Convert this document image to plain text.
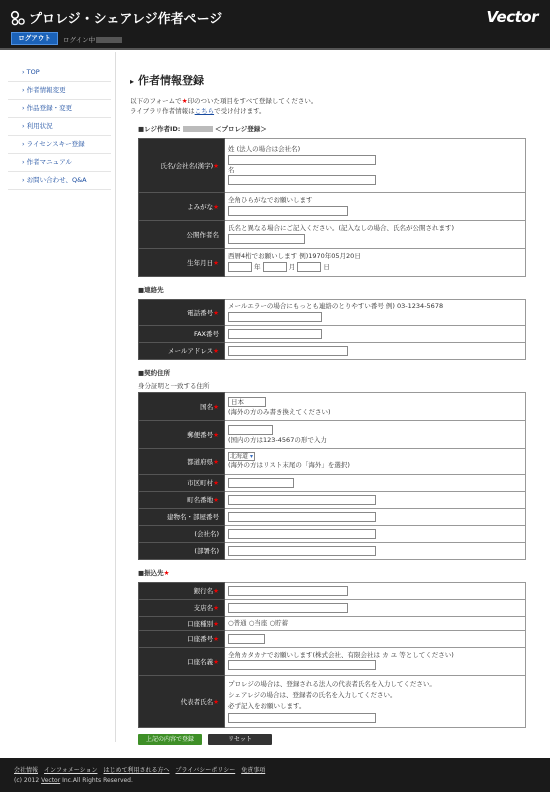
プロレジ・シェアレジ作者ページ	Vector
ログアウト	ログイン中
› TOP
› 作者情報変更
› 作品登録・変更
› 利用状況
› ライセンスキー登録
› 作者マニュアル
› お問い合わせ、Q&A
▸ 作者情報登録
以下のフォームで★印のついた項目をすべて登録してください。
ライブラリ作者情報はこちらで受け付けます。
■レジ作者ID:	＜プロレジ登録＞
氏名/会社名(漢字)★	姓 (法人の場合は会社名)
名

よみがな★	全角ひらがなでお願いします

公開作者名	氏名と異なる場合にご記入ください。(記入なしの場合、氏名が公開されます)

生年月日★	西暦4桁でお願いします 例)1970年05月20日
年 月 日
■連絡先
電話番号★	メールエラーの場合にもっとも連絡のとりやすい番号 例) 03-1234-5678

FAX番号	

メールアドレス★	
■契約住所
身分証明と一致する住所
国名★	日本
(海外の方のみ書き換えてください)

郵便番号★	(国内の方は123-4567の形で入力

都道府県★	北海道 ▾
(海外の方はリスト末尾の「海外」を選択)

市区町村★	

町名番地★	

建物名・部屋番号	

(会社名)	

(部署名)	
■振込先★
銀行名★	

支店名★	

口座種別★	○普通 ○当座 ○貯蓄
口座番号★	

口座名義★	全角カタカナでお願いします(株式会社、有限会社は カ ユ 等としてください)

代表者氏名★	プロレジの場合は、登録される法人の代表者氏名を入力してください。
シェアレジの場合は、登録者の氏名を入力してください。
必ず記入をお願いします。
上記の内容で登録	リセット
会社情報 インフォメーション はじめて利用される方へ プライバシーポリシー 免責事項
(c) 2012 Vector Inc.All Rights Reserved.
